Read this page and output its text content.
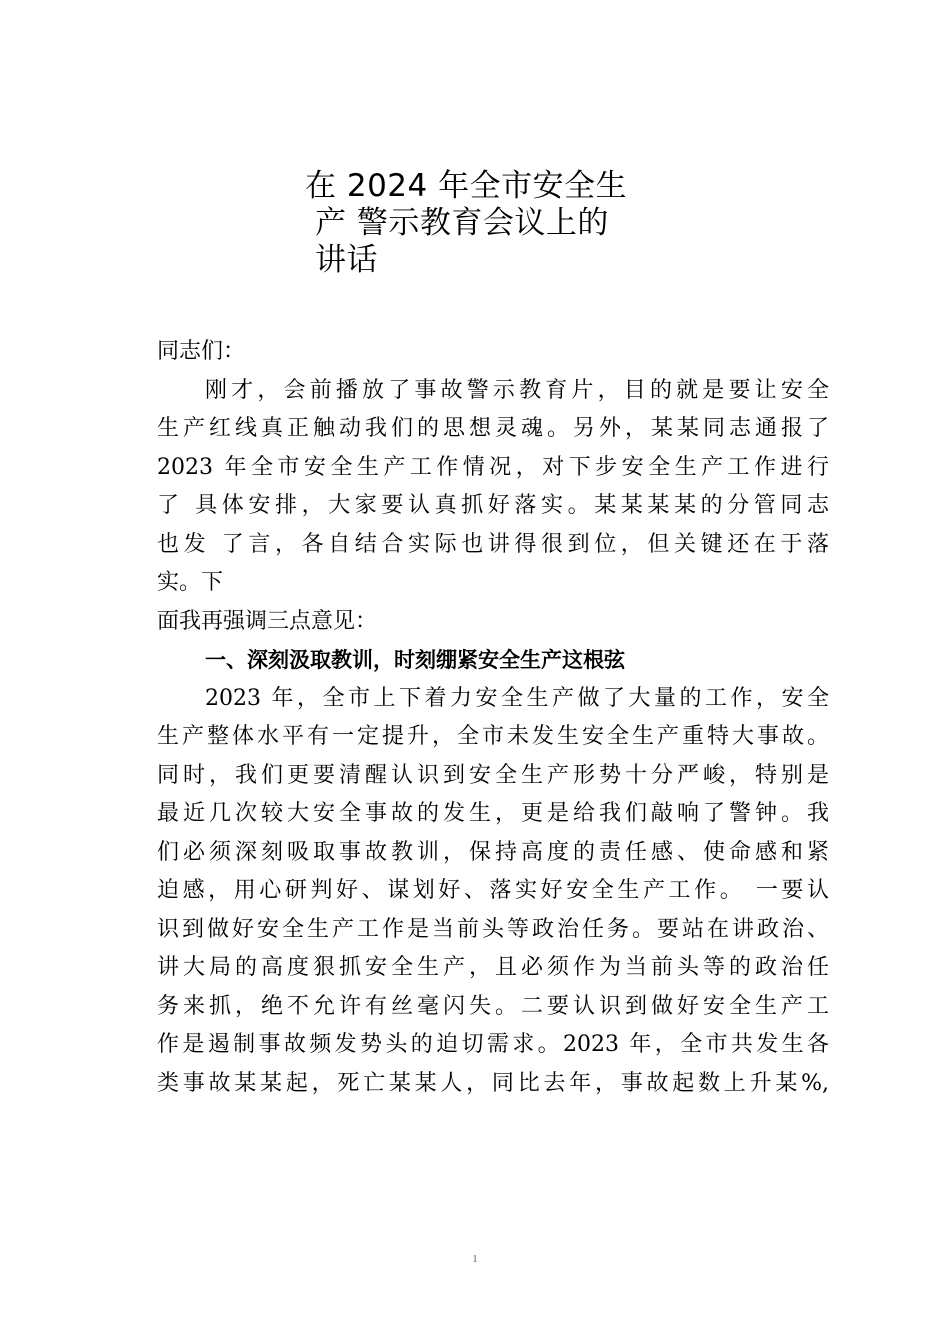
在 2024 年全市安全生
产 警示教育会议上的
讲话
同志们：
刚才，会前播放了事故警示教育片，目的就是要让安全
生产红线真正触动我们的思想灵魂。另外，某某同志通报了
2023 年全市安全生产工作情况，对下步安全生产工作进行
了 具体安排，大家要认真抓好落实。某某某某的分管同志
也发 了言，各自结合实际也讲得很到位，但关键还在于落
实。下
面我再强调三点意见：
一、深刻汲取教训，时刻绷紧安全生产这根弦
2023 年，全市上下着力安全生产做了大量的工作，安全
生产整体水平有一定提升，全市未发生安全生产重特大事故。
同时，我们更要清醒认识到安全生产形势十分严峻，特别是
最近几次较大安全事故的发生，更是给我们敲响了警钟。我
们必须深刻吸取事故教训，保持高度的责任感、使命感和紧
迫感，用心研判好、谋划好、落实好安全生产工作。 一要认
识到做好安全生产工作是当前头等政治任务。要站在讲政治、
讲大局的高度狠抓安全生产，且必须作为当前头等的政治任
务来抓，绝不允许有丝毫闪失。二要认识到做好安全生产工
作是遏制事故频发势头的迫切需求。2023 年，全市共发生各
类事故某某起，死亡某某人，同比去年，事故起数上升某%,
1
